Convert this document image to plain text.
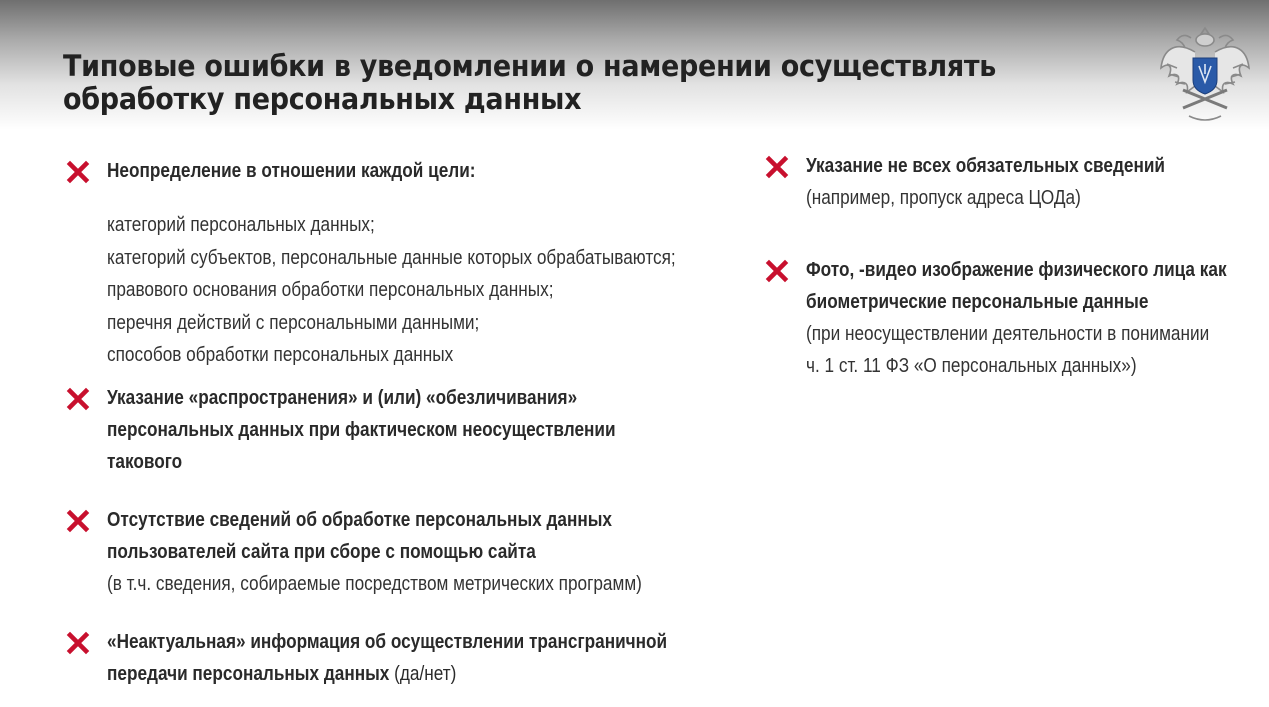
Типовые ошибки в уведомлении о намерении осуществлять
обработку персональных данных
Неопределение в отношении каждой цели:
категорий персональных данных;
категорий субъектов, персональные данные которых обрабатываются;
правового основания обработки персональных данных;
перечня действий с персональными данными;
способов обработки персональных данных
Указание «распространения» и (или) «обезличивания»
персональных данных при фактическом неосуществлении
такового
Отсутствие сведений об обработке персональных данных
пользователей сайта при сборе с помощью сайта
(в т.ч. сведения, собираемые посредством метрических программ)
«Неактуальная» информация об осуществлении трансграничной
передачи персональных данных (да/нет)
Указание не всех обязательных сведений
(например, пропуск адреса ЦОДа)
Фото, -видео изображение физического лица как
биометрические персональные данные
(при неосуществлении деятельности в понимании
ч. 1 ст. 11 ФЗ «О персональных данных»)
